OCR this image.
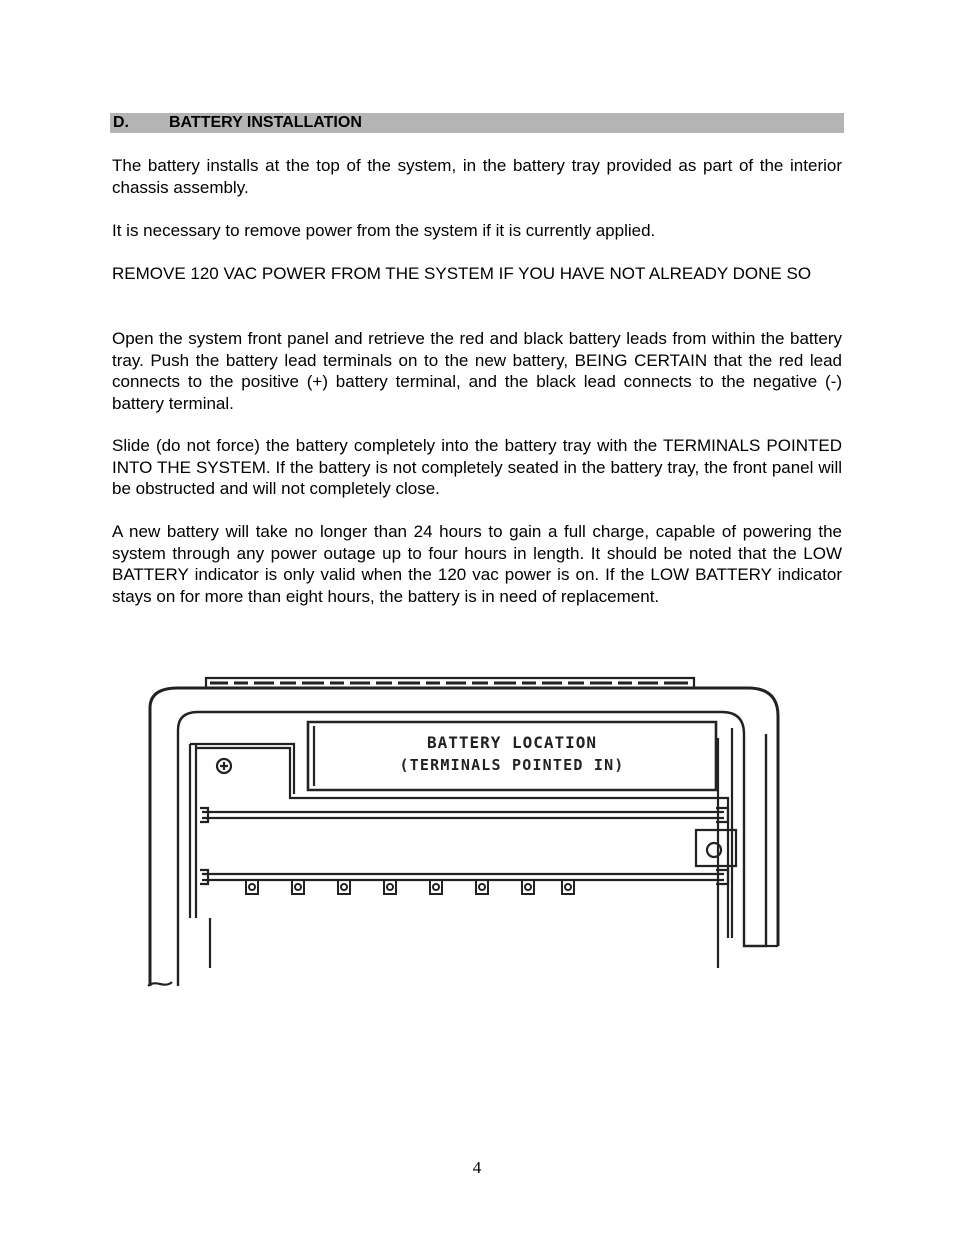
D.	BATTERY INSTALLATION

The battery installs at the top of the system, in the battery tray provided as part of the interior chassis assembly.

It is necessary to remove power from the system if it is currently applied.

REMOVE 120 VAC POWER FROM THE SYSTEM IF YOU HAVE NOT ALREADY DONE SO

Open the system front panel and retrieve the red and black battery leads from within the battery tray. Push the battery lead terminals on to the new battery, BEING CERTAIN that the red lead connects to the positive (+) battery terminal, and the black lead connects to the negative (-) battery terminal.

Slide (do not force) the battery completely into the battery tray with the TERMINALS POINTED INTO THE SYSTEM. If the battery is not completely seated in the battery tray, the front panel will be obstructed and will not completely close.

A new battery will take no longer than 24 hours to gain a full charge, capable of powering the system through any power outage up to four hours in length. It should be noted that the LOW BATTERY indicator is only valid when the 120 vac power is on. If the LOW BATTERY indicator stays on for more than eight hours, the battery is in need of replacement.

BATTERY LOCATION
(TERMINALS POINTED IN)
4
